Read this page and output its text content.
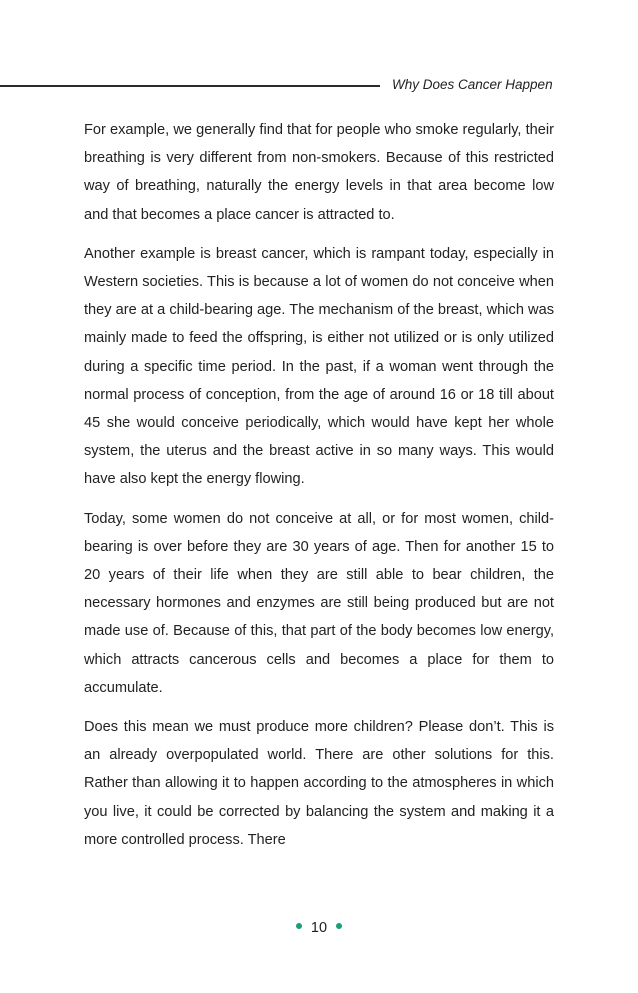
Why Does Cancer Happen

For example, we generally find that for people who smoke regularly, their breathing is very different from non-smokers. Because of this restricted way of breathing, naturally the energy levels in that area become low and that becomes a place cancer is attracted to.

Another example is breast cancer, which is rampant today, especially in Western societies. This is because a lot of women do not conceive when they are at a child-bearing age. The mechanism of the breast, which was mainly made to feed the offspring, is either not utilized or is only utilized during a specific time period. In the past, if a woman went through the normal process of conception, from the age of around 16 or 18 till about 45 she would conceive periodically, which would have kept her whole system, the uterus and the breast active in so many ways. This would have also kept the energy flowing.

Today, some women do not conceive at all, or for most women, child-bearing is over before they are 30 years of age. Then for another 15 to 20 years of their life when they are still able to bear children, the necessary hormones and enzymes are still being produced but are not made use of. Because of this, that part of the body becomes low energy, which attracts cancerous cells and becomes a place for them to accumulate.

Does this mean we must produce more children? Please don’t. This is an already overpopulated world. There are other solutions for this. Rather than allowing it to happen according to the atmospheres in which you live, it could be corrected by balancing the system and making it a more controlled process. There

10
